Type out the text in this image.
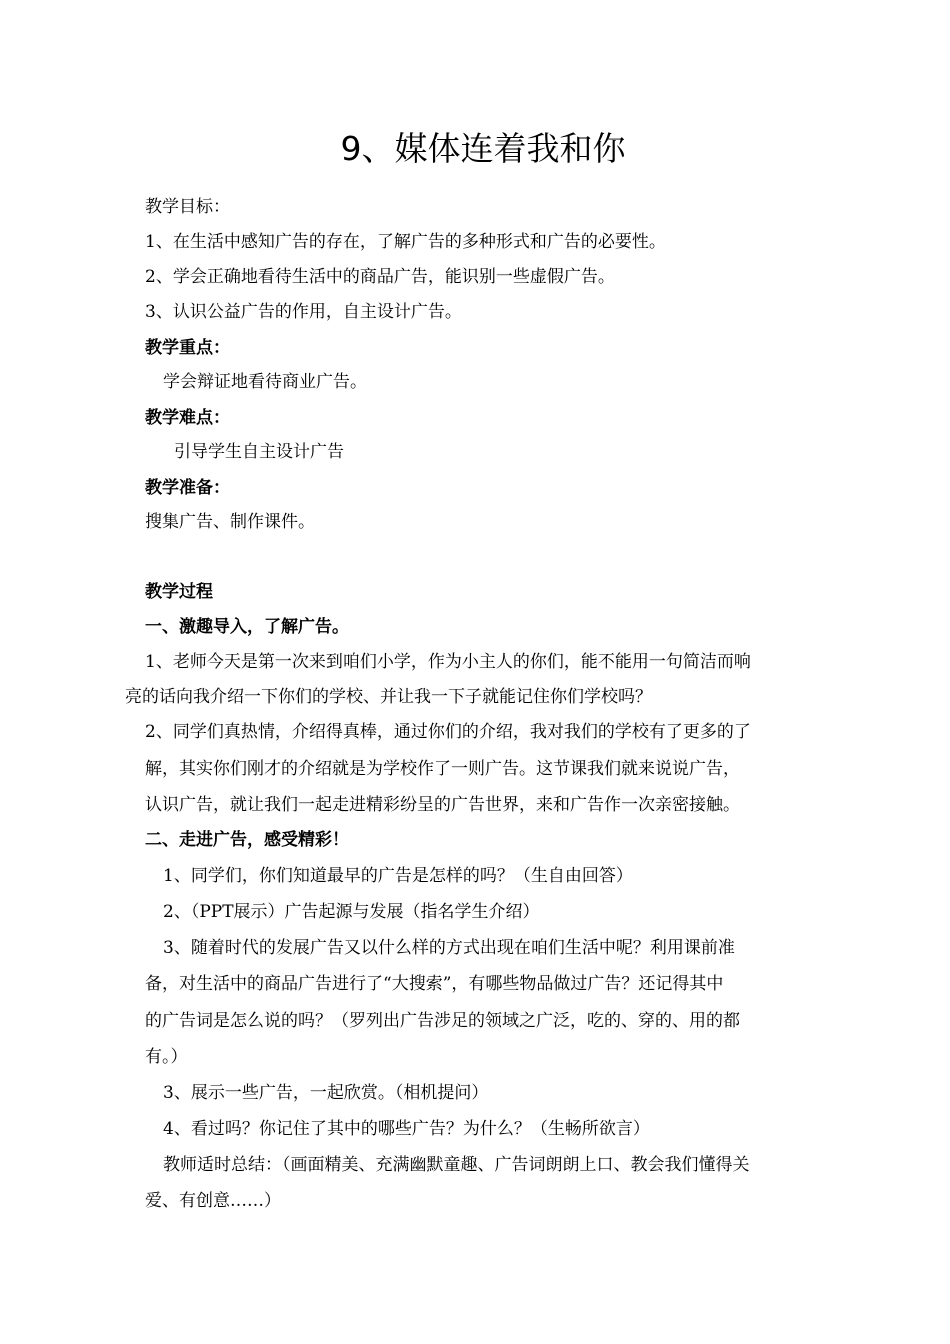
9、媒体连着我和你

教学目标：

1、在生活中感知广告的存在，了解广告的多种形式和广告的必要性。

2、学会正确地看待生活中的商品广告，能识别一些虚假广告。

3、认识公益广告的作用，自主设计广告。

教学重点：

学会辩证地看待商业广告。

教学难点：

引导学生自主设计广告

教学准备：

搜集广告、制作课件。

教学过程

一、激趣导入，了解广告。

1、老师今天是第一次来到咱们小学，作为小主人的你们，能不能用一句简洁而响

亮的话向我介绍一下你们的学校、并让我一下子就能记住你们学校吗？

2、同学们真热情，介绍得真棒，通过你们的介绍，我对我们的学校有了更多的了

解，其实你们刚才的介绍就是为学校作了一则广告。这节课我们就来说说广告，

认识广告，就让我们一起走进精彩纷呈的广告世界，来和广告作一次亲密接触。

二、走进广告，感受精彩！

1、同学们，你们知道最早的广告是怎样的吗？（生自由回答）

2、（PPT展示）广告起源与发展（指名学生介绍）

3、随着时代的发展广告又以什么样的方式出现在咱们生活中呢？利用课前准

备，对生活中的商品广告进行了“大搜索”，有哪些物品做过广告？还记得其中

的广告词是怎么说的吗？（罗列出广告涉足的领域之广泛，吃的、穿的、用的都

有。）

3、展示一些广告，一起欣赏。（相机提问）

4、看过吗？你记住了其中的哪些广告？为什么？（生畅所欲言）

教师适时总结：（画面精美、充满幽默童趣、广告词朗朗上口、教会我们懂得关

爱、有创意……）
